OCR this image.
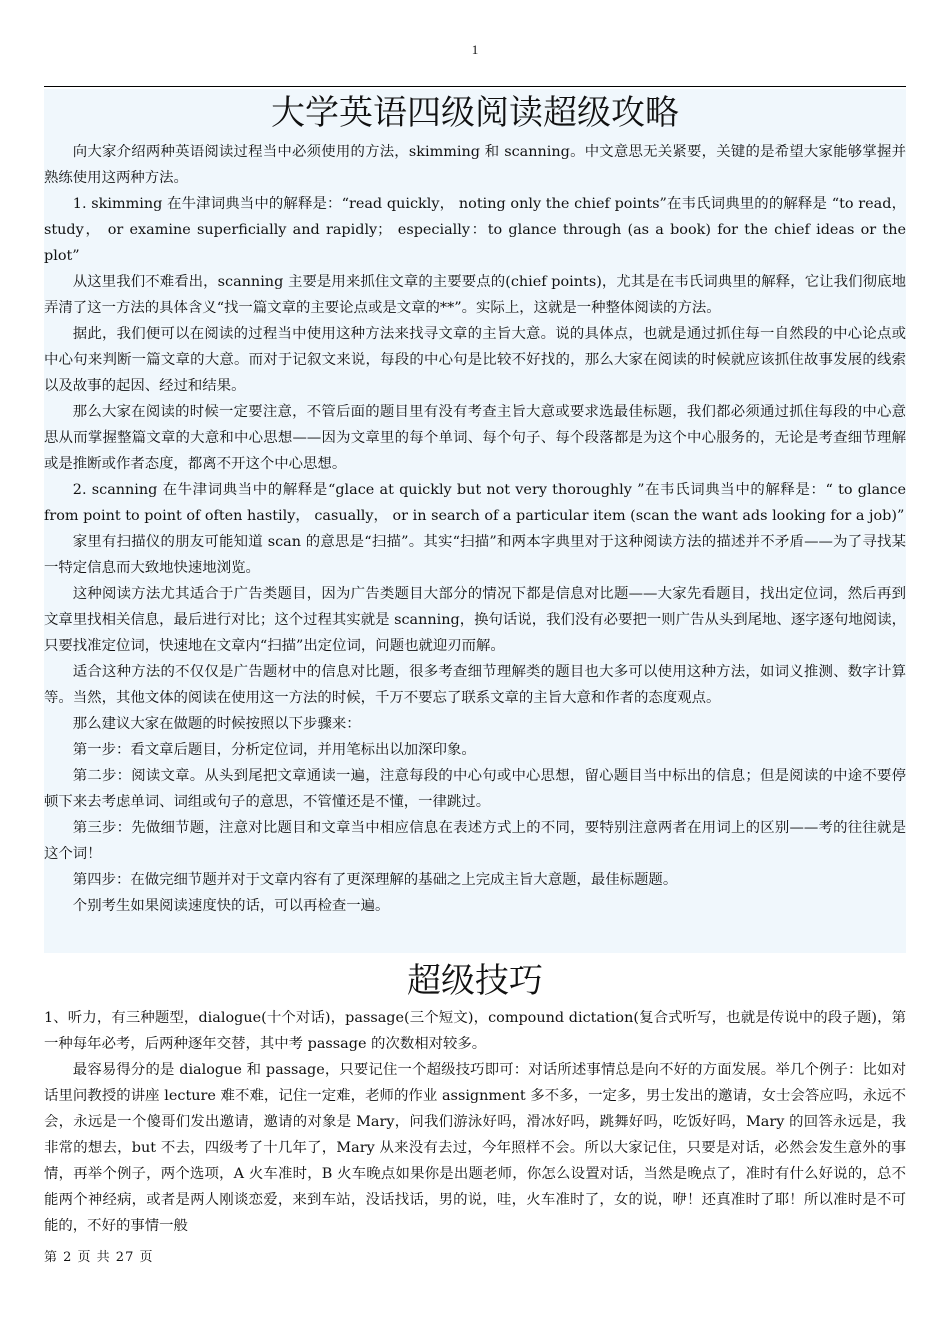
1
大学英语四级阅读超级攻略

向大家介绍两种英语阅读过程当中必须使用的方法，skimming 和 scanning。中文意思无关紧要，关键的是希望大家能够掌握并熟练使用这两种方法。

1. skimming 在牛津词典当中的解释是：“read quickly， noting only the chief points”在韦氏词典里的的解释是 “to read， study， or examine superficially and rapidly； especially：to glance through (as a book) for the chief ideas or the plot”

从这里我们不难看出，scanning 主要是用来抓住文章的主要要点的(chief points)，尤其是在韦氏词典里的解释，它让我们彻底地弄清了这一方法的具体含义“找一篇文章的主要论点或是文章的**”。实际上，这就是一种整体阅读的方法。

据此，我们便可以在阅读的过程当中使用这种方法来找寻文章的主旨大意。说的具体点，也就是通过抓住每一自然段的中心论点或中心句来判断一篇文章的大意。而对于记叙文来说，每段的中心句是比较不好找的，那么大家在阅读的时候就应该抓住故事发展的线索以及故事的起因、经过和结果。

那么大家在阅读的时候一定要注意，不管后面的题目里有没有考查主旨大意或要求选最佳标题，我们都必须通过抓住每段的中心意思从而掌握整篇文章的大意和中心思想——因为文章里的每个单词、每个句子、每个段落都是为这个中心服务的，无论是考查细节理解或是推断或作者态度，都离不开这个中心思想。

2. scanning 在牛津词典当中的解释是“glace at quickly but not very thoroughly ”在韦氏词典当中的解释是：“ to glance from point to point of often hastily， casually， or in search of a particular item (scan the want ads looking for a job)”

家里有扫描仪的朋友可能知道 scan 的意思是“扫描”。其实“扫描”和两本字典里对于这种阅读方法的描述并不矛盾——为了寻找某一特定信息而大致地快速地浏览。

这种阅读方法尤其适合于广告类题目，因为广告类题目大部分的情况下都是信息对比题——大家先看题目，找出定位词，然后再到文章里找相关信息，最后进行对比；这个过程其实就是 scanning，换句话说，我们没有必要把一则广告从头到尾地、逐字逐句地阅读，只要找准定位词，快速地在文章内“扫描”出定位词，问题也就迎刃而解。

适合这种方法的不仅仅是广告题材中的信息对比题，很多考查细节理解类的题目也大多可以使用这种方法，如词义推测、数字计算等。当然，其他文体的阅读在使用这一方法的时候，千万不要忘了联系文章的主旨大意和作者的态度观点。

那么建议大家在做题的时候按照以下步骤来：

第一步：看文章后题目，分析定位词，并用笔标出以加深印象。

第二步：阅读文章。从头到尾把文章通读一遍，注意每段的中心句或中心思想，留心题目当中标出的信息；但是阅读的中途不要停顿下来去考虑单词、词组或句子的意思，不管懂还是不懂，一律跳过。

第三步：先做细节题，注意对比题目和文章当中相应信息在表述方式上的不同，要特别注意两者在用词上的区别——考的往往就是这个词！

第四步：在做完细节题并对于文章内容有了更深理解的基础之上完成主旨大意题，最佳标题题。

个别考生如果阅读速度快的话，可以再检查一遍。

超级技巧

1、听力，有三种题型，dialogue(十个对话)，passage(三个短文)，compound dictation(复合式听写，也就是传说中的段子题)，第一种每年必考，后两种逐年交替，其中考 passage 的次数相对较多。

最容易得分的是 dialogue 和 passage，只要记住一个超级技巧即可：对话所述事情总是向不好的方面发展。举几个例子：比如对话里问教授的讲座 lecture 难不难，记住一定难，老师的作业 assignment 多不多，一定多，男士发出的邀请，女士会答应吗，永远不会，永远是一个傻哥们发出邀请，邀请的对象是 Mary，问我们游泳好吗，滑冰好吗，跳舞好吗，吃饭好吗，Mary 的回答永远是，我非常的想去，but 不去，四级考了十几年了，Mary 从来没有去过，今年照样不会。所以大家记住，只要是对话，必然会发生意外的事情，再举个例子，两个选项，A 火车准时，B 火车晚点如果你是出题老师，你怎么设置对话，当然是晚点了，准时有什么好说的，总不能两个神经病，或者是两人刚谈恋爱，来到车站，没话找话，男的说，哇，火车准时了，女的说，咿！还真准时了耶！所以准时是不可能的，不好的事情一般

第 2 页 共 27 页
